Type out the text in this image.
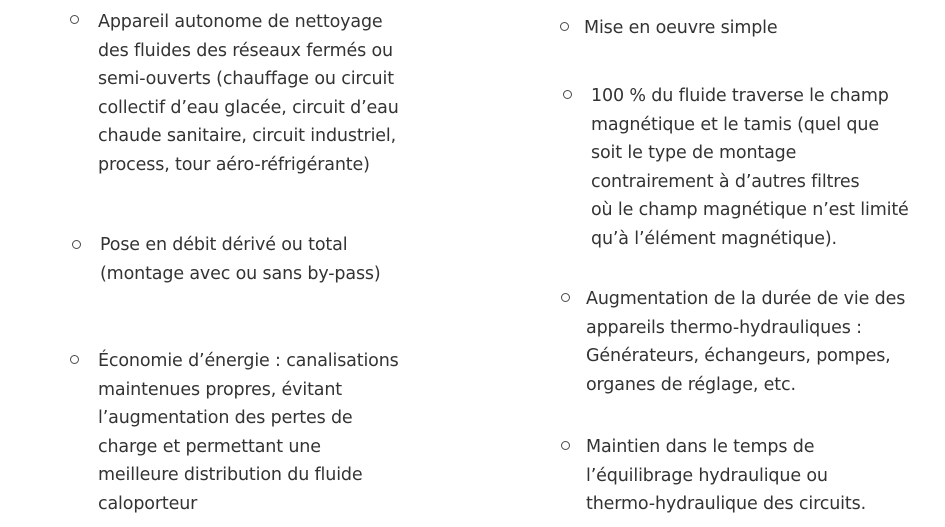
Appareil autonome de nettoyage
des fluides des réseaux fermés ou
semi-ouverts (chauffage ou circuit
collectif d’eau glacée, circuit d’eau
chaude sanitaire, circuit industriel,
process, tour aéro-réfrigérante)
Pose en débit dérivé ou total
(montage avec ou sans by-pass)
Économie d’énergie : canalisations
maintenues propres, évitant
l’augmentation des pertes de
charge et permettant une
meilleure distribution du fluide
caloporteur
Mise en oeuvre simple
100 % du fluide traverse le champ
magnétique et le tamis (quel que
soit le type de montage
contrairement à d’autres filtres
où le champ magnétique n’est limité
qu’à l’élément magnétique).
Augmentation de la durée de vie des
appareils thermo-hydrauliques :
Générateurs, échangeurs, pompes,
organes de réglage, etc.
Maintien dans le temps de
l’équilibrage hydraulique ou
thermo-hydraulique des circuits.
